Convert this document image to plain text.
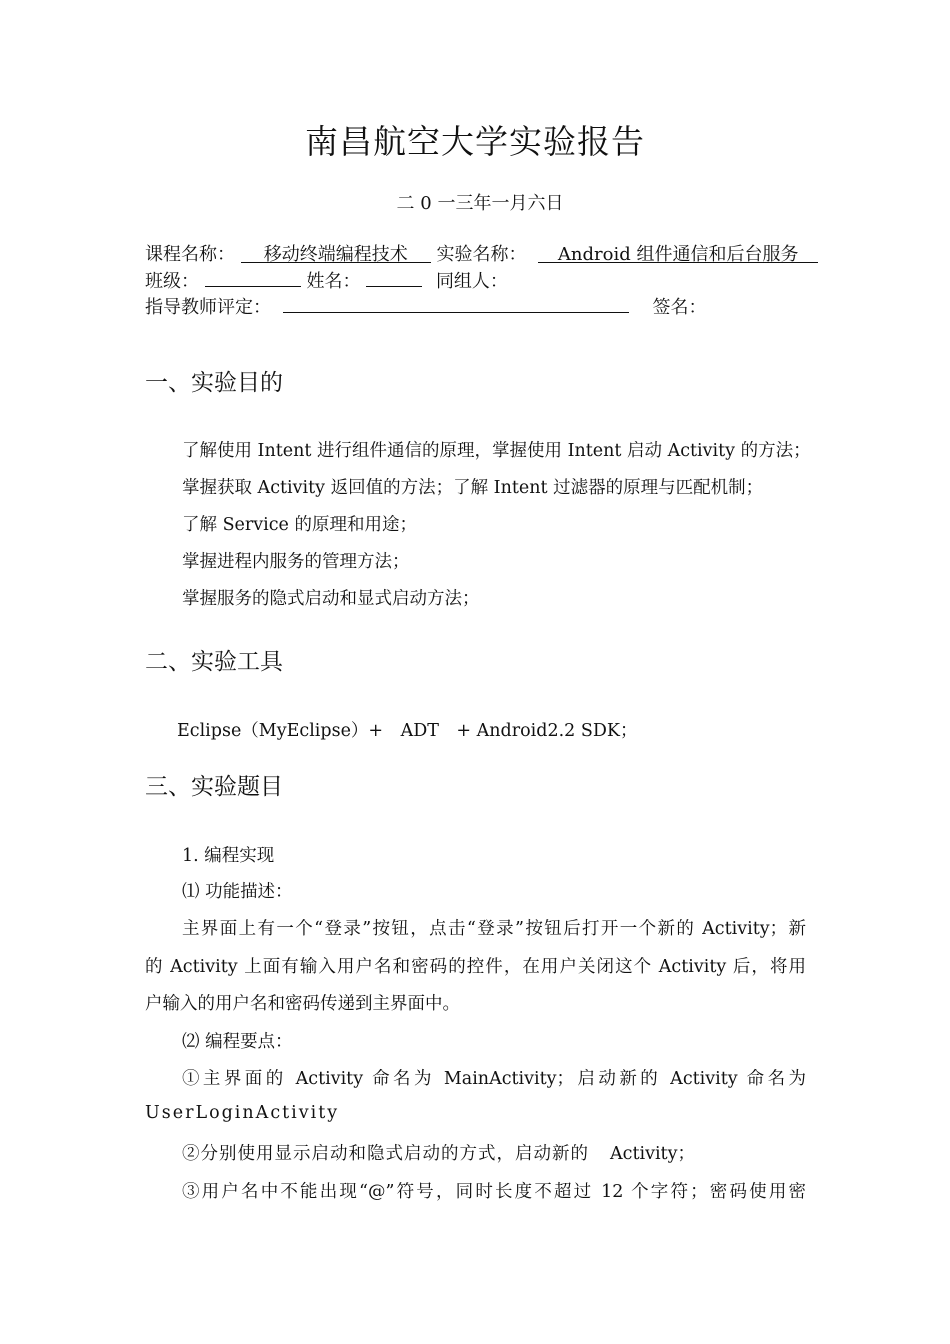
南昌航空大学实验报告
二 0 一三年一月六日
课程名称： 移动终端编程技术 实验名称： Android 组件通信和后台服务
班级：	姓名：	同组人：
指导教师评定：	签名：
一、实验目的
了解使用 Intent 进行组件通信的原理，掌握使用 Intent 启动 Activity 的方法；
掌握获取 Activity 返回值的方法；了解 Intent 过滤器的原理与匹配机制；
了解 Service 的原理和用途；
掌握进程内服务的管理方法；
掌握服务的隐式启动和显式启动方法；
二、实验工具
Eclipse（MyEclipse）+　ADT　+ Android2.2 SDK；
三、实验题目
1. 编程实现
⑴ 功能描述：
主界面上有一个“登录”按钮，点击“登录”按钮后打开一个新的 Activity；新
的 Activity 上面有输入用户名和密码的控件，在用户关闭这个 Activity 后，将用
户输入的用户名和密码传递到主界面中。
⑵ 编程要点：
①主界面的 Activity 命名为 MainActivity；启动新的 Activity 命名为
UserLoginActivity
②分别使用显示启动和隐式启动的方式，启动新的 Activity；
③用户名中不能出现“@”符号，同时长度不超过 12 个字符；密码使用密
